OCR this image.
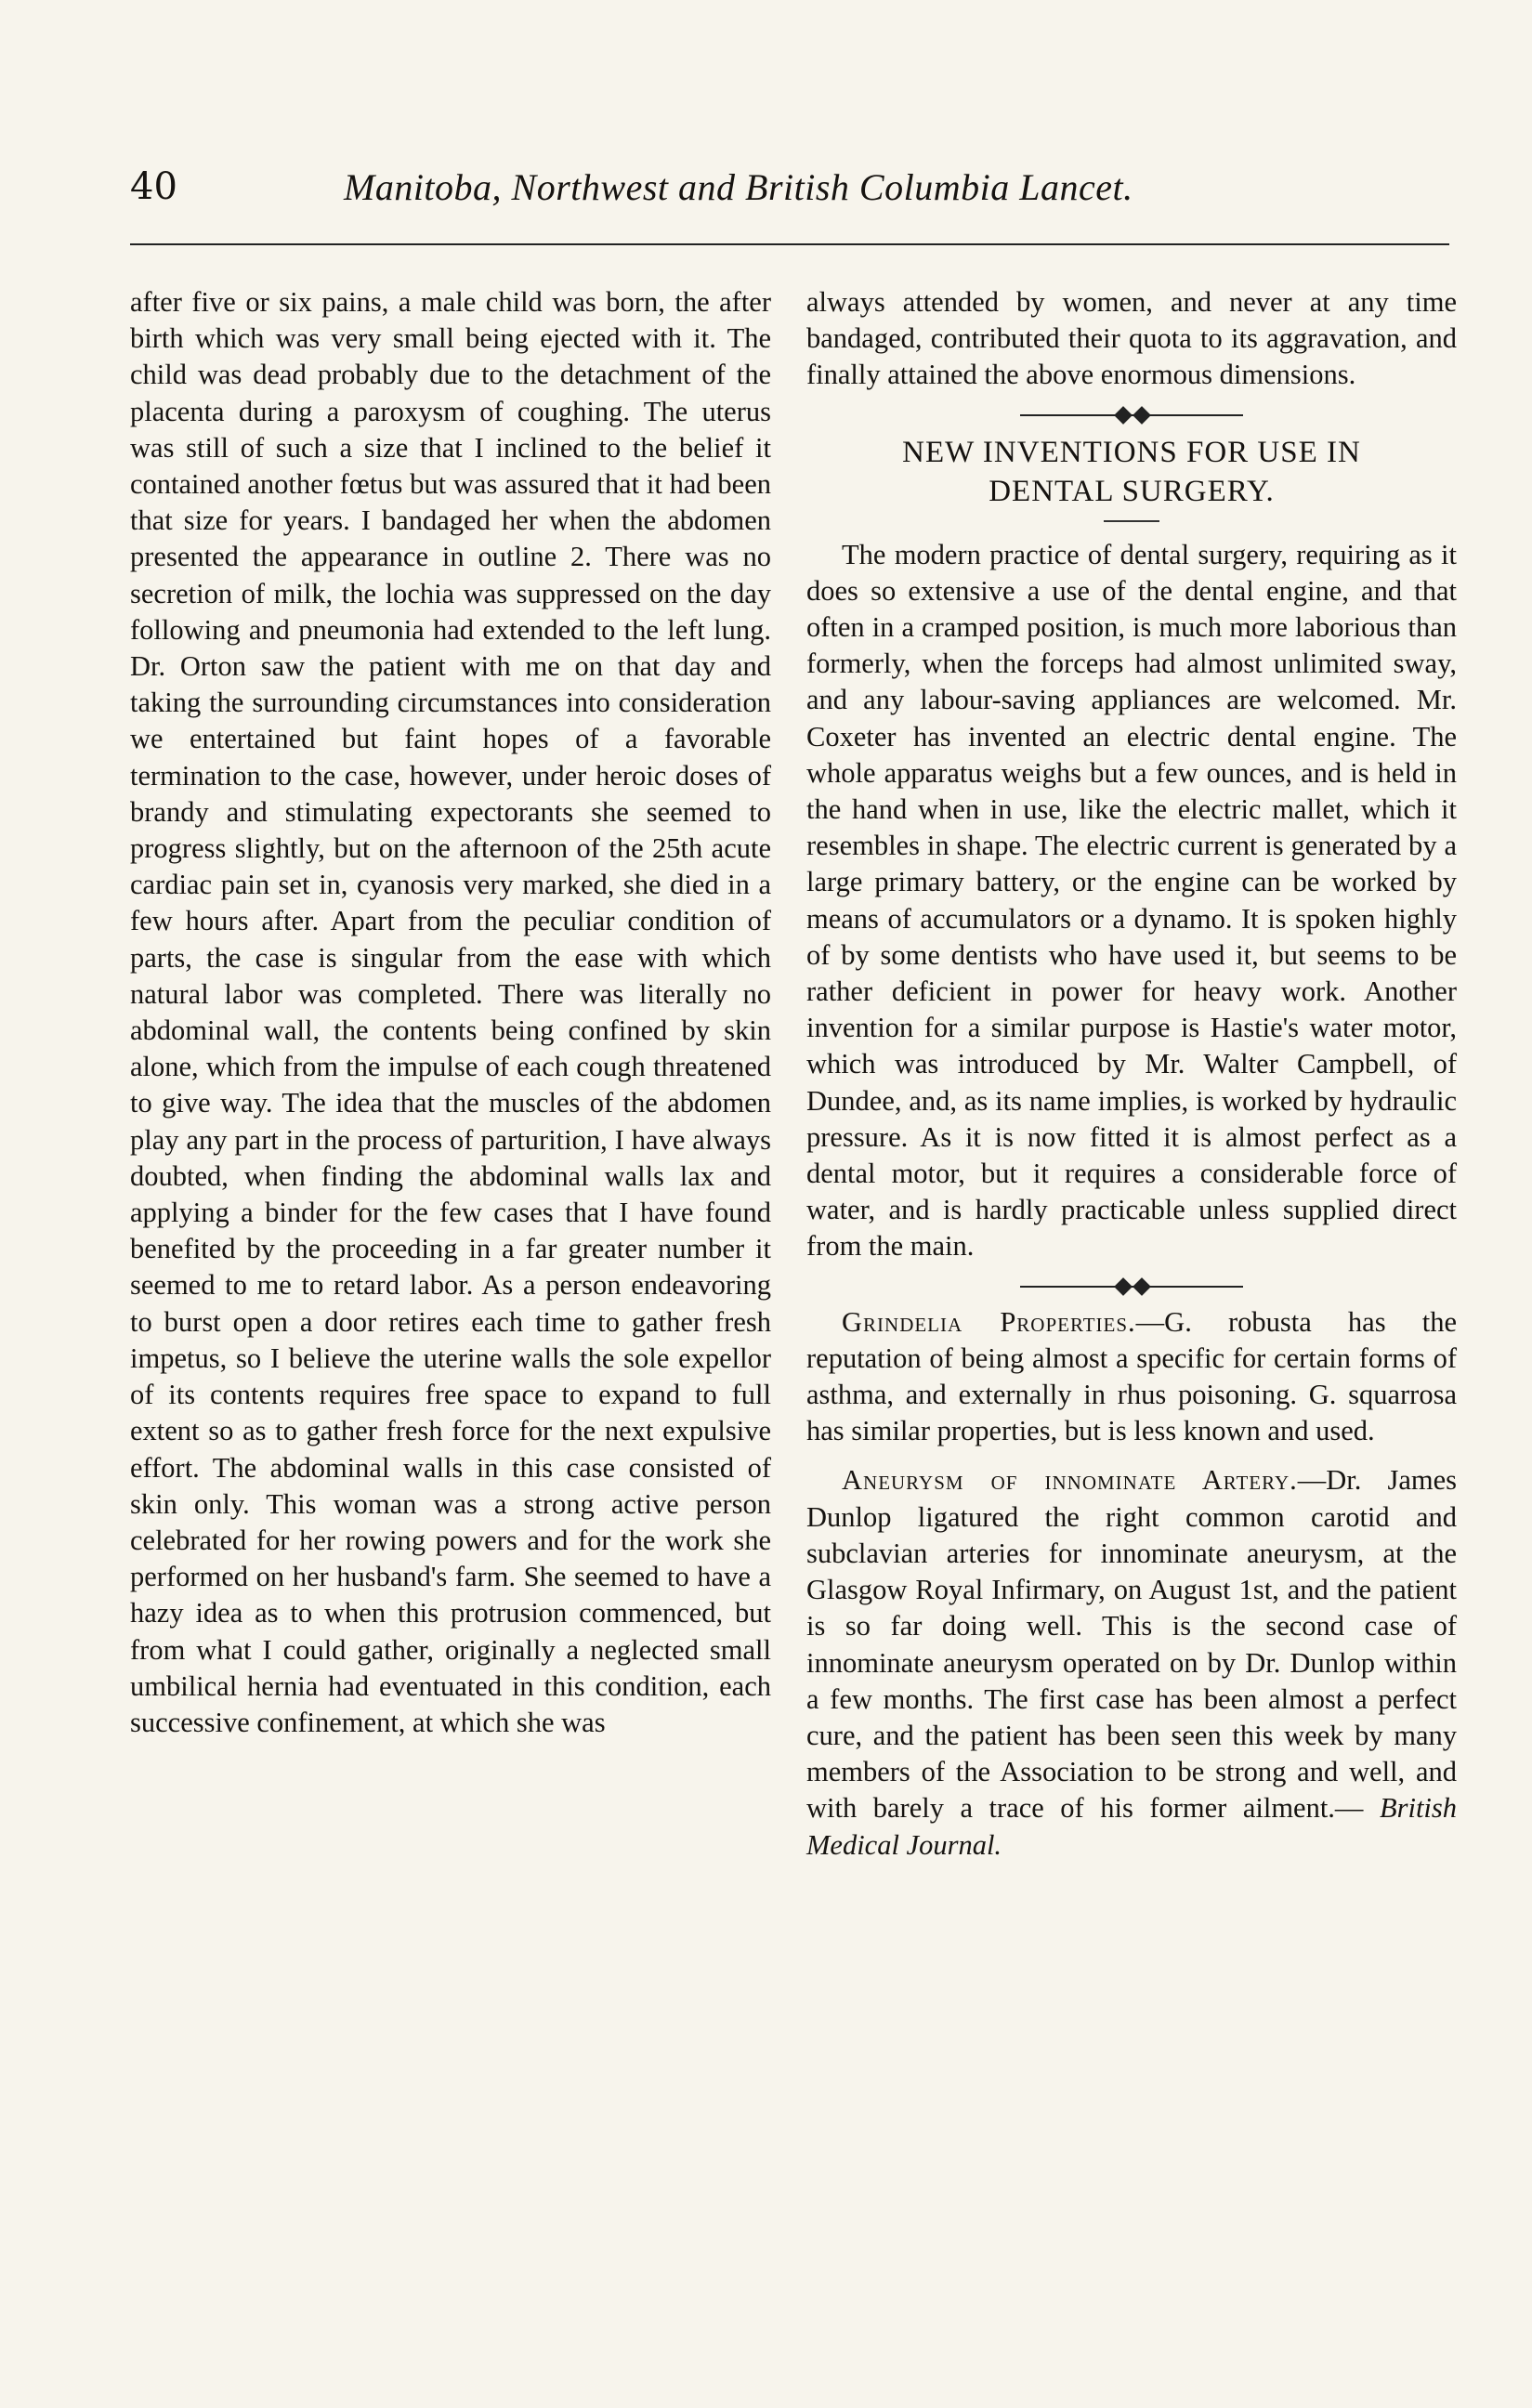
40	Manitoba, Northwest and British Columbia Lancet.

after five or six pains, a male child was born, the after birth which was very small being ejected with it. The child was dead probably due to the detachment of the placenta during a paroxysm of coughing. The uterus was still of such a size that I inclined to the belief it contained another fœtus but was assured that it had been that size for years. I bandaged her when the abdomen presented the appearance in outline 2. There was no secretion of milk, the lochia was suppressed on the day following and pneumonia had extended to the left lung. Dr. Orton saw the patient with me on that day and taking the surrounding circumstances into consideration we entertained but faint hopes of a favorable termination to the case, however, under heroic doses of brandy and stimulating expectorants she seemed to progress slightly, but on the afternoon of the 25th acute cardiac pain set in, cyanosis very marked, she died in a few hours after. Apart from the peculiar condition of parts, the case is singular from the ease with which natural labor was completed. There was literally no abdominal wall, the contents being confined by skin alone, which from the impulse of each cough threatened to give way. The idea that the muscles of the abdomen play any part in the process of parturition, I have always doubted, when finding the abdominal walls lax and applying a binder for the few cases that I have found benefited by the proceeding in a far greater number it seemed to me to retard labor. As a person endeavoring to burst open a door retires each time to gather fresh impetus, so I believe the uterine walls the sole expellor of its contents requires free space to expand to full extent so as to gather fresh force for the next expulsive effort. The abdominal walls in this case consisted of skin only. This woman was a strong active person celebrated for her rowing powers and for the work she performed on her husband's farm. She seemed to have a hazy idea as to when this protrusion commenced, but from what I could gather, originally a neglected small umbilical hernia had eventuated in this condition, each successive confinement, at which she was

always attended by women, and never at any time bandaged, contributed their quota to its aggravation, and finally attained the above enormous dimensions.

NEW INVENTIONS FOR USE IN
DENTAL SURGERY.

The modern practice of dental surgery, requiring as it does so extensive a use of the dental engine, and that often in a cramped position, is much more laborious than formerly, when the forceps had almost unlimited sway, and any labour-saving appliances are welcomed. Mr. Coxeter has invented an electric dental engine. The whole apparatus weighs but a few ounces, and is held in the hand when in use, like the electric mallet, which it resembles in shape. The electric current is generated by a large primary battery, or the engine can be worked by means of accumulators or a dynamo. It is spoken highly of by some dentists who have used it, but seems to be rather deficient in power for heavy work. Another invention for a similar purpose is Hastie's water motor, which was introduced by Mr. Walter Campbell, of Dundee, and, as its name implies, is worked by hydraulic pressure. As it is now fitted it is almost perfect as a dental motor, but it requires a considerable force of water, and is hardly practicable unless supplied direct from the main.

Grindelia Properties.—G. robusta has the reputation of being almost a specific for certain forms of asthma, and externally in rhus poisoning. G. squarrosa has similar properties, but is less known and used.

Aneurysm of innominate Artery.—Dr. James Dunlop ligatured the right common carotid and subclavian arteries for innominate aneurysm, at the Glasgow Royal Infirmary, on August 1st, and the patient is so far doing well. This is the second case of innominate aneurysm operated on by Dr. Dunlop within a few months. The first case has been almost a perfect cure, and the patient has been seen this week by many members of the Association to be strong and well, and with barely a trace of his former ailment.— British Medical Journal.
